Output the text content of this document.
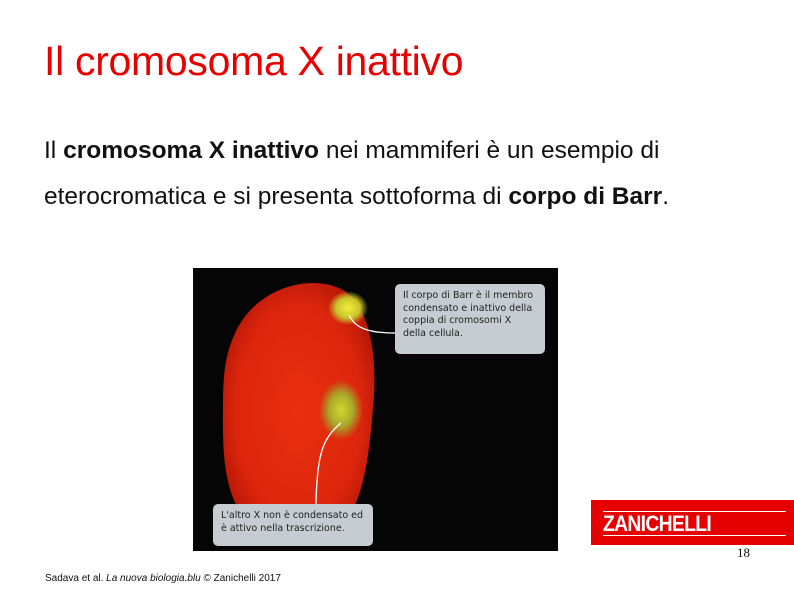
Il cromosoma X inattivo
Il cromosoma X inattivo nei mammiferi è un esempio di eterocromatica e si presenta sottoforma di corpo di Barr.
Il corpo di Barr è il membro condensato e inattivo della coppia di cromosomi X della cellula.
L'altro X non è condensato ed è attivo nella trascrizione.	ZANICHELLI
18
Sadava et al. La nuova biologia.blu © Zanichelli 2017
